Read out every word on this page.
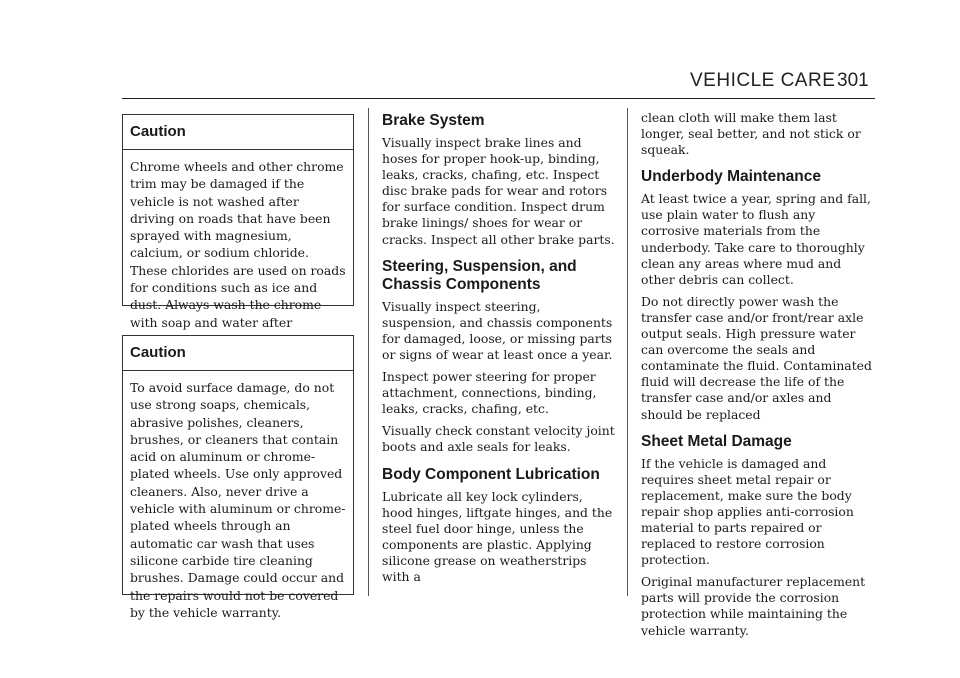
VEHICLE CARE 301
Caution
Chrome wheels and other chrome trim may be damaged if the vehicle is not washed after driving on roads that have been sprayed with magnesium, calcium, or sodium chloride. These chlorides are used on roads for conditions such as ice and dust. Always wash the chrome with soap and water after
Caution
To avoid surface damage, do not use strong soaps, chemicals, abrasive polishes, cleaners, brushes, or cleaners that contain acid on aluminum or chrome-plated wheels. Use only approved cleaners. Also, never drive a vehicle with aluminum or chrome-plated wheels through an automatic car wash that uses silicone carbide tire cleaning brushes. Damage could occur and the repairs would not be covered by the vehicle warranty.
Brake System

Visually inspect brake lines and hoses for proper hook-up, binding, leaks, cracks, chafing, etc. Inspect disc brake pads for wear and rotors for surface condition. Inspect drum brake linings/ shoes for wear or cracks. Inspect all other brake parts.

Steering, Suspension, and Chassis Components

Visually inspect steering, suspension, and chassis components for damaged, loose, or missing parts or signs of wear at least once a year.

Inspect power steering for proper attachment, connections, binding, leaks, cracks, chafing, etc.

Visually check constant velocity joint boots and axle seals for leaks.

Body Component Lubrication

Lubricate all key lock cylinders, hood hinges, liftgate hinges, and the steel fuel door hinge, unless the components are plastic. Applying silicone grease on weatherstrips with a

clean cloth will make them last longer, seal better, and not stick or squeak.

Underbody Maintenance

At least twice a year, spring and fall, use plain water to flush any corrosive materials from the underbody. Take care to thoroughly clean any areas where mud and other debris can collect.

Do not directly power wash the transfer case and/or front/rear axle output seals. High pressure water can overcome the seals and contaminate the fluid. Contaminated fluid will decrease the life of the transfer case and/or axles and should be replaced

Sheet Metal Damage

If the vehicle is damaged and requires sheet metal repair or replacement, make sure the body repair shop applies anti-corrosion material to parts repaired or replaced to restore corrosion protection.

Original manufacturer replacement parts will provide the corrosion protection while maintaining the vehicle warranty.
